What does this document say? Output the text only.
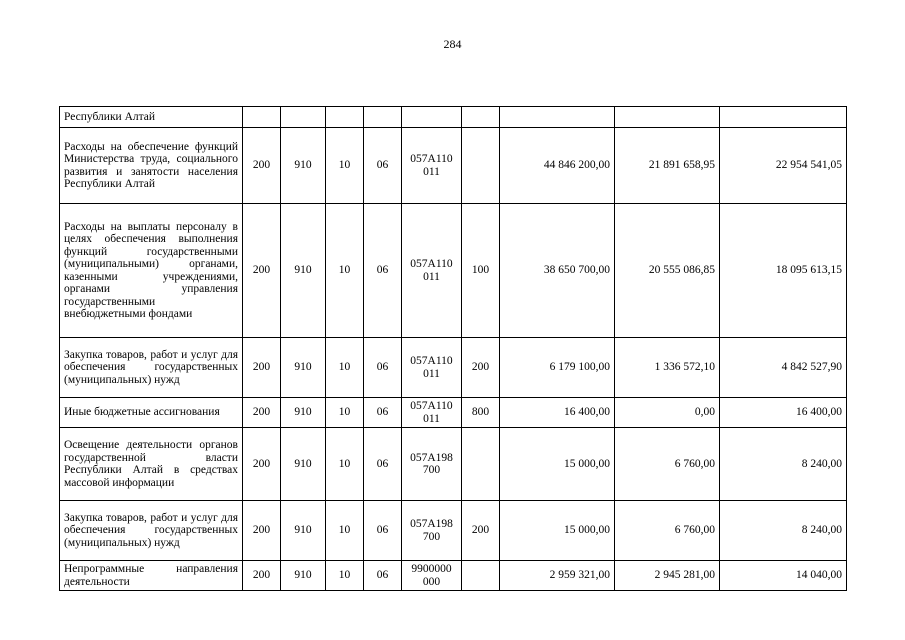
284
Республики Алтай									
Расходы на обеспечение функций Министерства труда, социального развития и занятости населения Республики Алтай	200	910	10	06	057А110 011		44 846 200,00	21 891 658,95	22 954 541,05
Расходы на выплаты персоналу в целях обеспечения выполнения функций государственными (муниципальными) органами, казенными учреждениями, органами управления государственными внебюджетными фондами	200	910	10	06	057А110 011	100	38 650 700,00	20 555 086,85	18 095 613,15
Закупка товаров, работ и услуг для обеспечения государственных (муниципальных) нужд	200	910	10	06	057А110 011	200	6 179 100,00	1 336 572,10	4 842 527,90
Иные бюджетные ассигнования	200	910	10	06	057А110 011	800	16 400,00	0,00	16 400,00
Освещение деятельности органов государственной власти Республики Алтай в средствах массовой информации	200	910	10	06	057А198 700		15 000,00	6 760,00	8 240,00
Закупка товаров, работ и услуг для обеспечения государственных (муниципальных) нужд	200	910	10	06	057А198 700	200	15 000,00	6 760,00	8 240,00
Непрограммные направления деятельности	200	910	10	06	9900000 000		2 959 321,00	2 945 281,00	14 040,00
